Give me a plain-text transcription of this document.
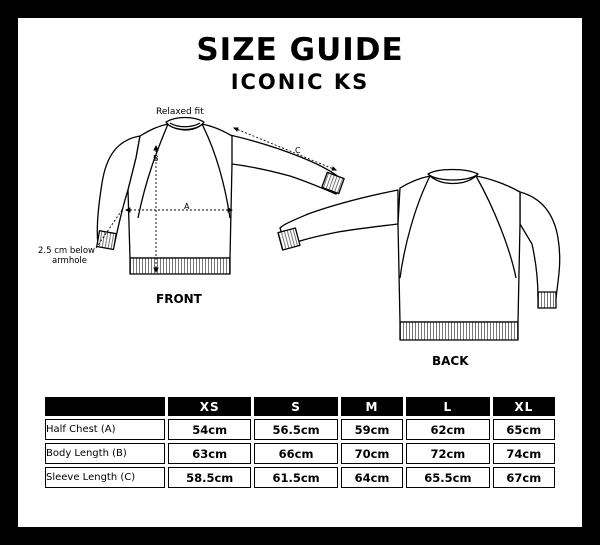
SIZE GUIDE
ICONIC KS
Relaxed fit
B
A
C
2.5 cm below
armhole
FRONT
BACK
	XS	S	M	L	XL
Half Chest (A)	54cm	56.5cm	59cm	62cm	65cm
Body Length (B)	63cm	66cm	70cm	72cm	74cm
Sleeve Length (C)	58.5cm	61.5cm	64cm	65.5cm	67cm
